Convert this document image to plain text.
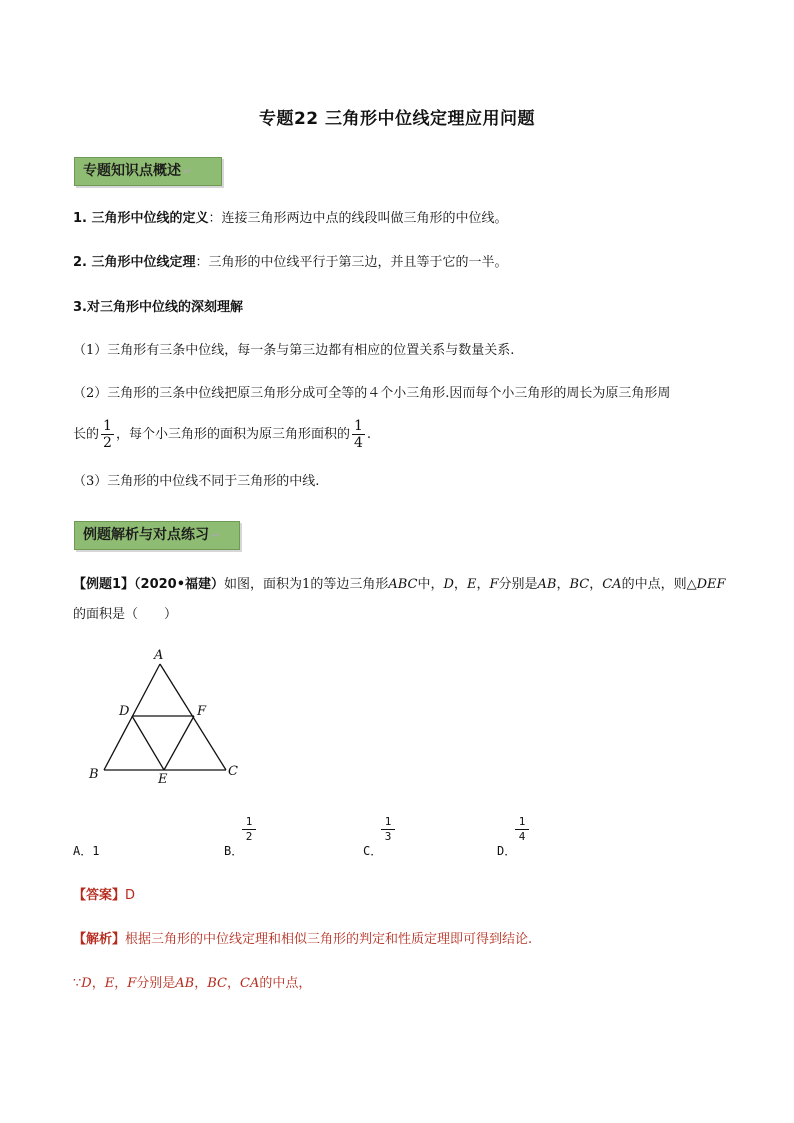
专题22 三角形中位线定理应用问题
专题知识点概述 ↵
1. 三角形中位线的定义：连接三角形两边中点的线段叫做三角形的中位线。
2. 三角形中位线定理：三角形的中位线平行于第三边，并且等于它的一半。
3.对三角形中位线的深刻理解
（1）三角形有三条中位线，每一条与第三边都有相应的位置关系与数量关系.
（2）三角形的三条中位线把原三角形分成可全等的４个小三角形.因而每个小三角形的周长为原三角形周
长的 $\frac{1}{2}$ ，每个小三角形的面积为原三角形面积的 $\frac{1}{4}$ .
（3）三角形的中位线不同于三角形的中线.
例题解析与对点练习 ↵
【例题1】（2020•福建）如图，面积为1的等边三角形ABC中，D，E，F分别是AB，BC，CA的中点，则△DEF
的面积是（　　）
A
D	F
B	E
C
A．1	B．	C．	D．
$\frac{1}{2}$	$\frac{1}{3}$	$\frac{1}{4}$
【答案】D
【解析】根据三角形的中位线定理和相似三角形的判定和性质定理即可得到结论.
∵D，E，F分别是AB，BC，CA的中点，
